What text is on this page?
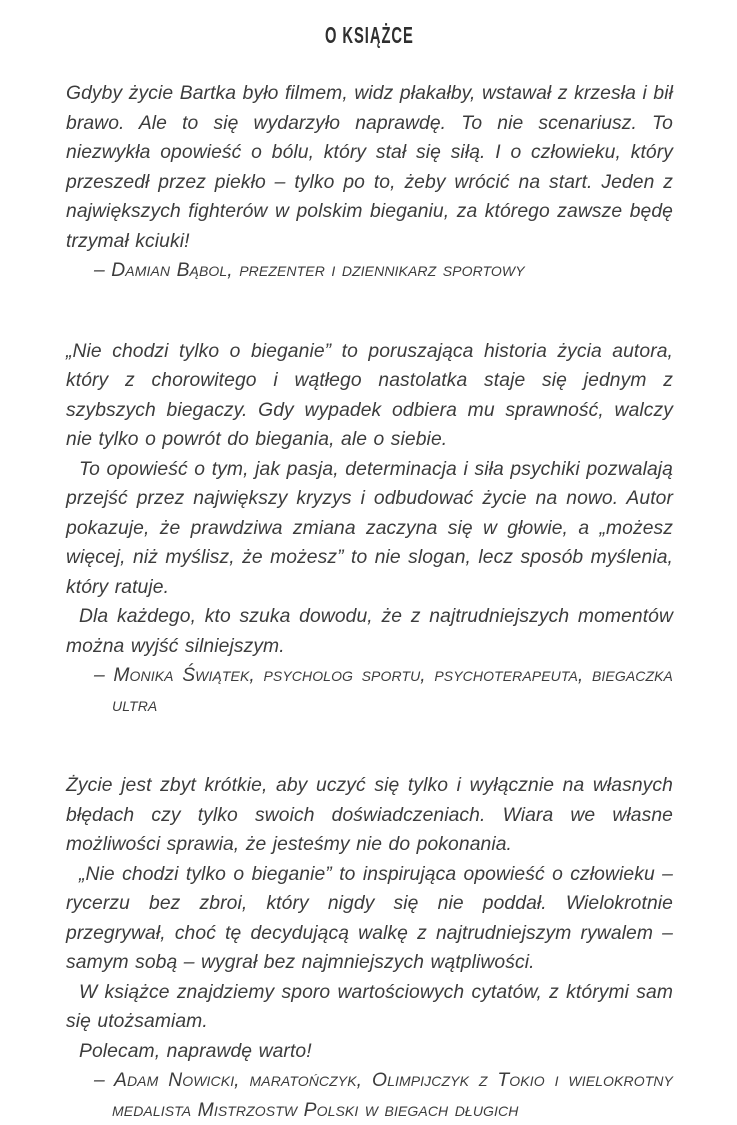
O KSIĄŻCE

Gdyby życie Bartka było filmem, widz płakałby, wstawał z krzesła i bił brawo. Ale to się wydarzyło naprawdę. To nie scenariusz. To niezwykła opowieść o bólu, który stał się siłą. I o człowieku, który przeszedł przez piekło – tylko po to, żeby wrócić na start. Jeden z największych fighterów w polskim bieganiu, za którego zawsze będę trzymał kciuki!

– Damian Bąbol, prezenter i dziennikarz sportowy

„Nie chodzi tylko o bieganie” to poruszająca historia życia autora, który z chorowitego i wątłego nastolatka staje się jednym z szybszych biegaczy. Gdy wypadek odbiera mu sprawność, walczy nie tylko o powrót do biegania, ale o siebie.

To opowieść o tym, jak pasja, determinacja i siła psychiki pozwalają przejść przez największy kryzys i odbudować życie na nowo. Autor pokazuje, że prawdziwa zmiana zaczyna się w głowie, a „możesz więcej, niż myślisz, że możesz” to nie slogan, lecz sposób myślenia, który ratuje.

Dla każdego, kto szuka dowodu, że z najtrudniejszych momentów można wyjść silniejszym.

– Monika Świątek, psycholog sportu, psychoterapeuta, biegaczka ultra

Życie jest zbyt krótkie, aby uczyć się tylko i wyłącznie na własnych błędach czy tylko swoich doświadczeniach. Wiara we własne możliwości sprawia, że jesteśmy nie do pokonania.

„Nie chodzi tylko o bieganie” to inspirująca opowieść o człowieku – rycerzu bez zbroi, który nigdy się nie poddał. Wielokrotnie przegrywał, choć tę decydującą walkę z najtrudniejszym rywalem – samym sobą – wygrał bez najmniejszych wątpliwości.

W książce znajdziemy sporo wartościowych cytatów, z którymi sam się utożsamiam.

Polecam, naprawdę warto!

– Adam Nowicki, maratończyk, Olimpijczyk z Tokio i wielokrotny medalista Mistrzostw Polski w biegach długich
